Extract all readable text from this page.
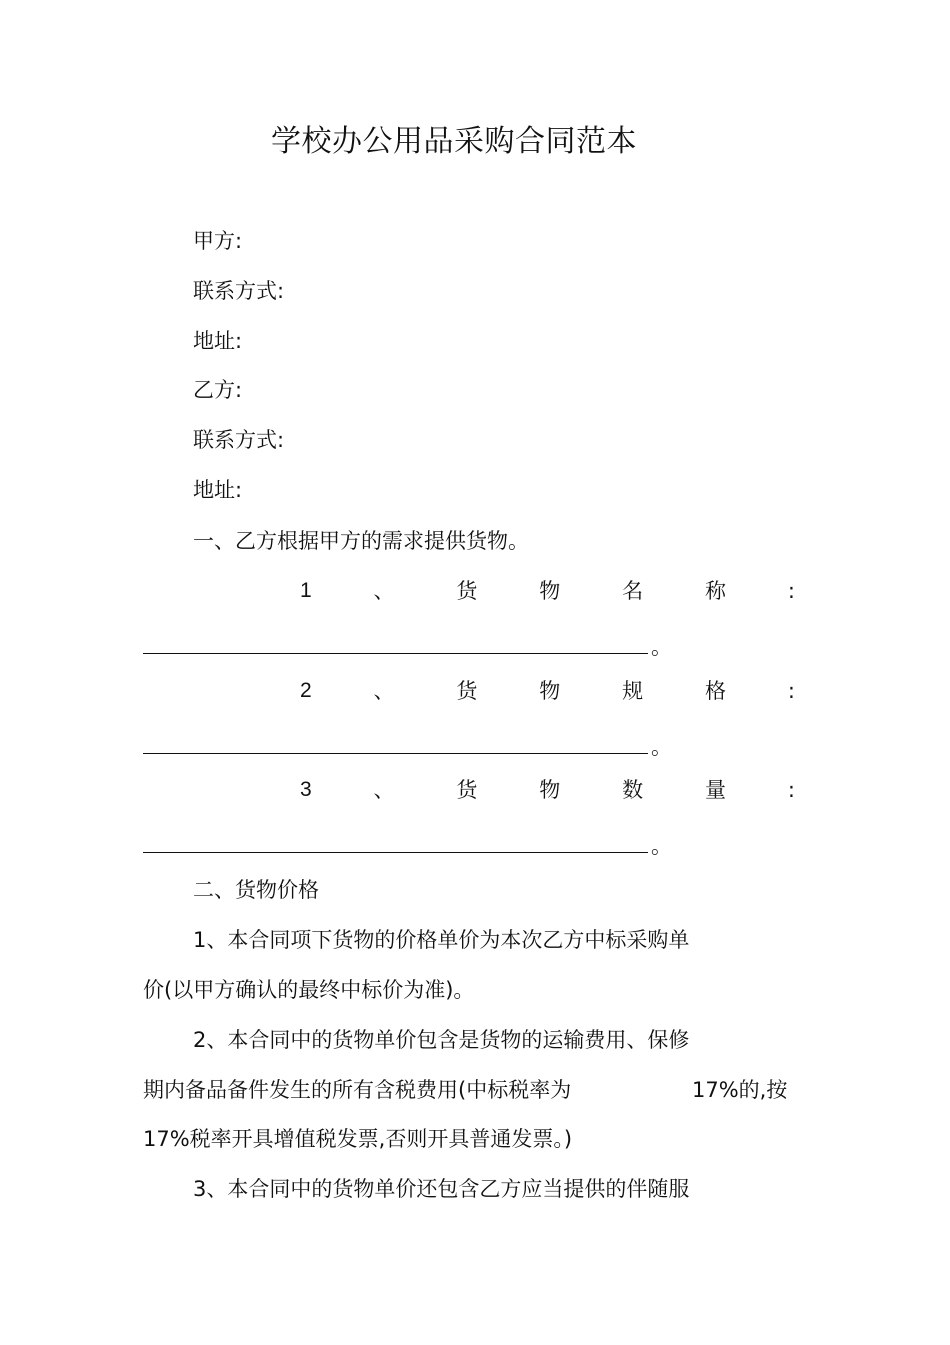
学校办公用品采购合同范本
甲方:
联系方式:
地址:
乙方:
联系方式:
地址:
一、乙方根据甲方的需求提供货物。
1	、	货	物	名	称	:
。
2	、	货	物	规	格	:
。
3	、	货	物	数	量	:
。
二、货物价格
1、本合同项下货物的价格单价为本次乙方中标采购单
价(以甲方确认的最终中标价为准)。
2、本合同中的货物单价包含是货物的运输费用、保修
期内备品备件发生的所有含税费用(中标税率为	17%的,按
17%税率开具增值税发票,否则开具普通发票。)
3、本合同中的货物单价还包含乙方应当提供的伴随服
